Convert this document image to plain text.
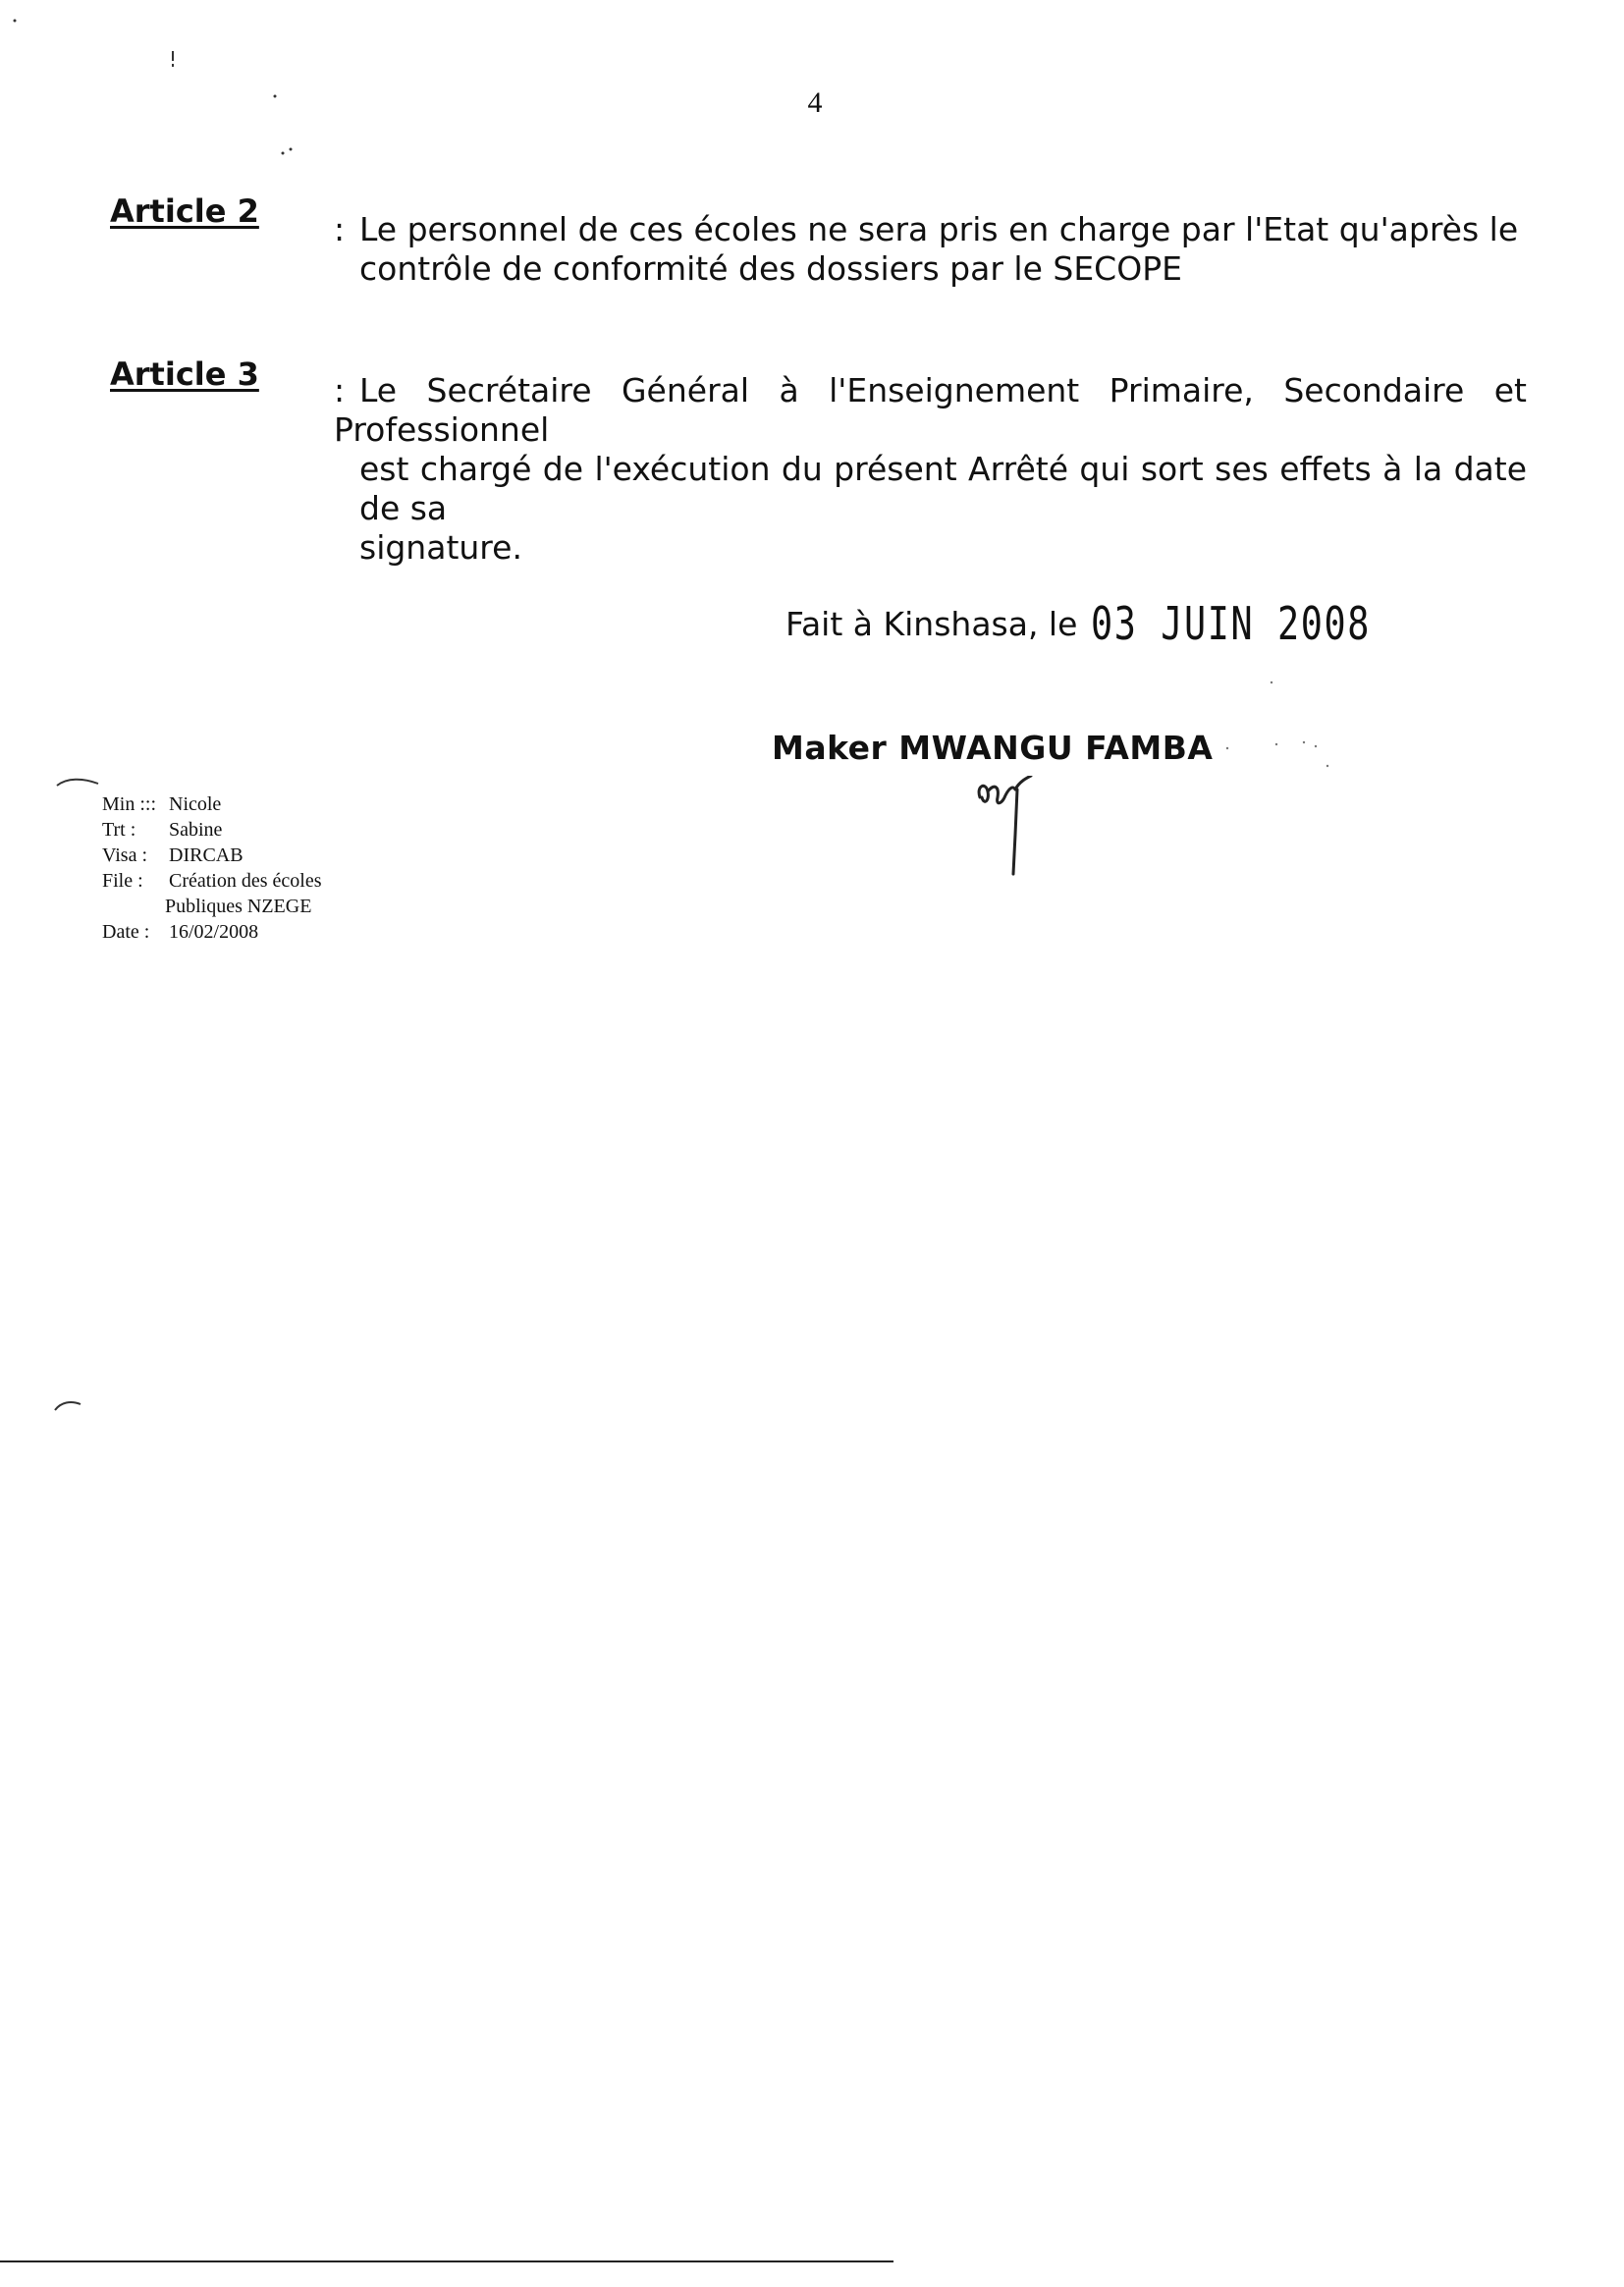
4
Article 2 : Le personnel de ces écoles ne sera pris en charge par l'Etat qu'après le
contrôle de conformité des dossiers par le SECOPE
Article 3 : Le Secrétaire Général à l'Enseignement Primaire, Secondaire et Professionnel
est chargé de l'exécution du présent Arrêté qui sort ses effets à la date de sa
signature.
Fait à Kinshasa, le 03 JUIN 2008
Maker MWANGU FAMBA
Min ::: Nicole
Trt :	Sabine
Visa :	DIRCAB
File :	Création des écoles
Publiques NZEGE
Date : 16/02/2008
